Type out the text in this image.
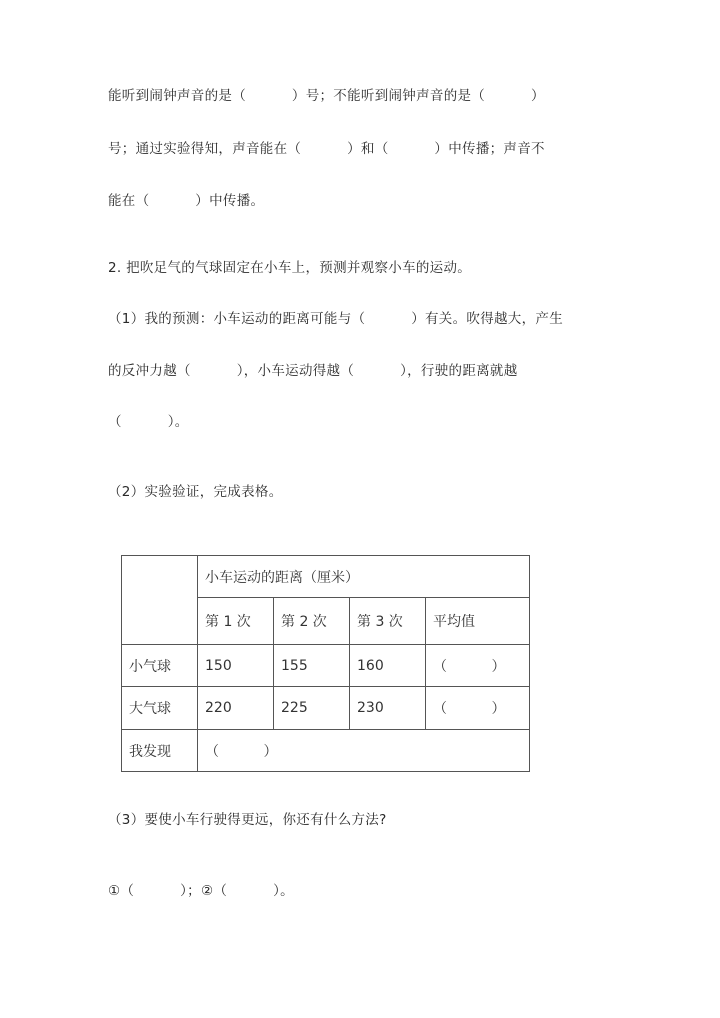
能听到闹钟声音的是（          ）号；不能听到闹钟声音的是（          ）
号；通过实验得知，声音能在（          ）和（          ）中传播；声音不
能在（          ）中传播。
2. 把吹足气的气球固定在小车上，预测并观察小车的运动。
（1）我的预测：小车运动的距离可能与（          ）有关。吹得越大，产生
的反冲力越（          ），小车运动得越（          ），行驶的距离就越
（          ）。
（2）实验验证，完成表格。
	小车运动的距离（厘米）			
	第 1 次	第 2 次	第 3 次	平均值
小气球	150	155	160	（          ）
大气球	220	225	230	（          ）
我发现	（          ）			
（3）要使小车行驶得更远，你还有什么方法?
①（          ）；②（          ）。
